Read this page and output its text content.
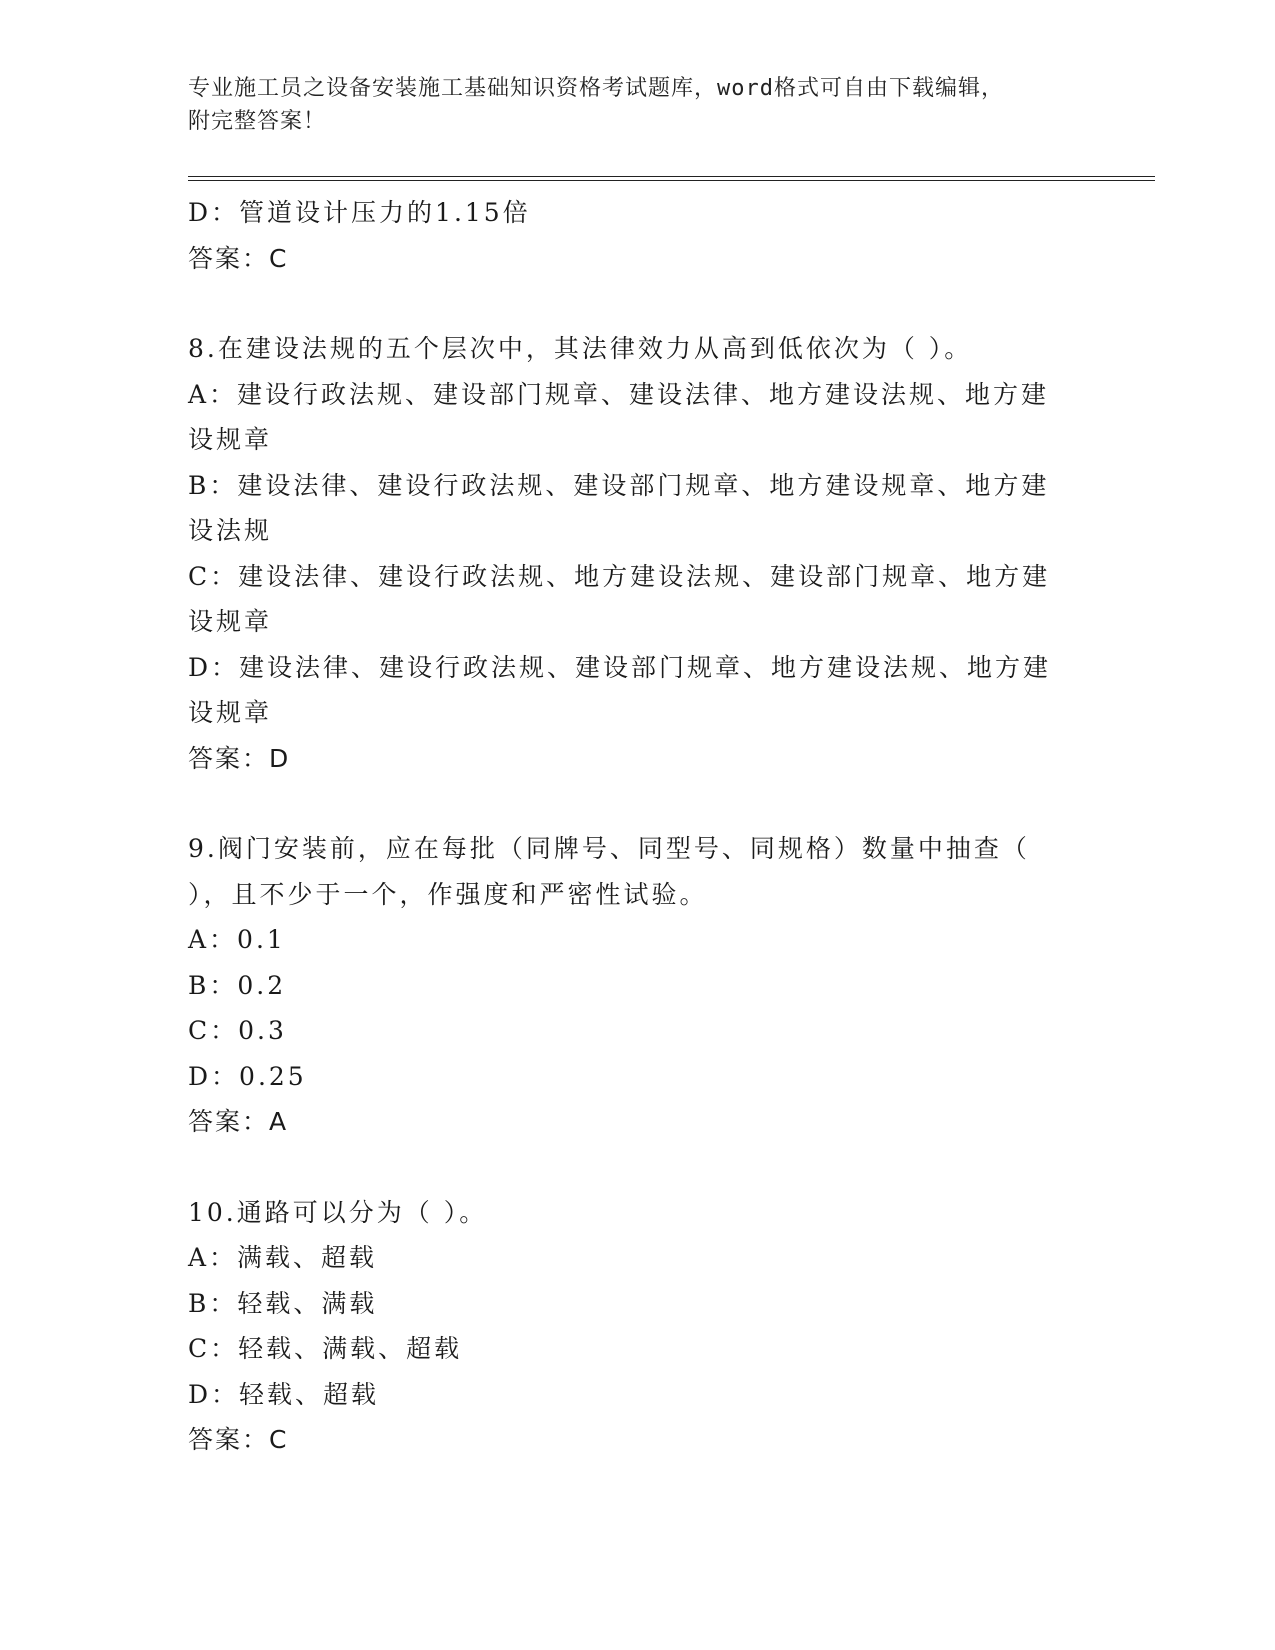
专业施工员之设备安装施工基础知识资格考试题库，word格式可自由下载编辑，
附完整答案！
D：管道设计压力的1.15倍
答案：C
8.在建设法规的五个层次中，其法律效力从高到低依次为（ ）。
A：建设行政法规、建设部门规章、建设法律、地方建设法规、地方建
设规章
B：建设法律、建设行政法规、建设部门规章、地方建设规章、地方建
设法规
C：建设法律、建设行政法规、地方建设法规、建设部门规章、地方建
设规章
D：建设法律、建设行政法规、建设部门规章、地方建设法规、地方建
设规章
答案：D
9.阀门安装前，应在每批（同牌号、同型号、同规格）数量中抽查（
），且不少于一个，作强度和严密性试验。
A：0.1
B：0.2
C：0.3
D：0.25
答案：A
10.通路可以分为（ ）。
A：满载、超载
B：轻载、满载
C：轻载、满载、超载
D：轻载、超载
答案：C
